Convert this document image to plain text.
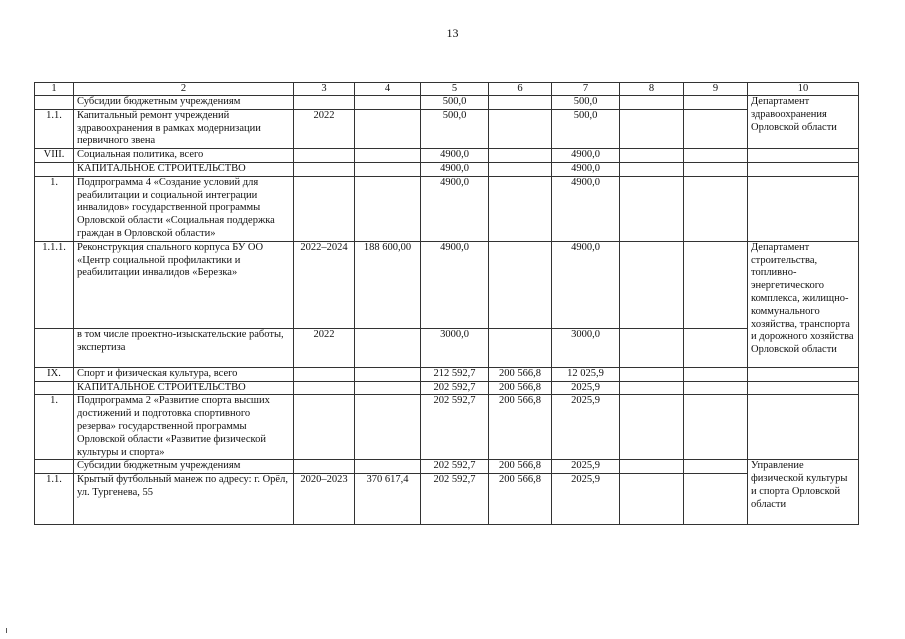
13
1	2	3	4	5	6	7	8	9	10
	Субсидии бюджетным учреждениям			500,0		500,0			Департамент здравоохранения Орловской области
1.1.	Капитальный ремонт учреждений здравоохранения в рамках модернизации первичного звена	2022		500,0		500,0			
VIII.	Социальная политика, всего			4900,0		4900,0			
	КАПИТАЛЬНОЕ СТРОИТЕЛЬСТВО			4900,0		4900,0			
1.	Подпрограмма 4 «Создание условий для реабилитации и социальной интеграции инвалидов» государственной программы Орловской области «Социальная поддержка граждан в Орловской области»			4900,0		4900,0			
1.1.1.	Реконструкция спального корпуса БУ ОО «Центр социальной профилактики и реабилитации инвалидов «Березка»	2022–2024	188 600,00	4900,0		4900,0			Департамент строительства, топливно-энергетического комплекса, жилищно-коммунального хозяйства, транспорта и дорожного хозяйства Орловской области
	в том числе проектно-изыскательские работы, экспертиза	2022		3000,0		3000,0			
IX.	Спорт и физическая культура, всего			212 592,7	200 566,8	12 025,9			
	КАПИТАЛЬНОЕ СТРОИТЕЛЬСТВО			202 592,7	200 566,8	2025,9			
1.	Подпрограмма 2 «Развитие спорта высших достижений и подготовка спортивного резерва» государственной программы Орловской области «Развитие физической культуры и спорта»			202 592,7	200 566,8	2025,9			
	Субсидии бюджетным учреждениям			202 592,7	200 566,8	2025,9			Управление физической культуры и спорта Орловской области
1.1.	Крытый футбольный манеж по адресу: г. Орёл, ул. Тургенева, 55	2020–2023	370 617,4	202 592,7	200 566,8	2025,9			
